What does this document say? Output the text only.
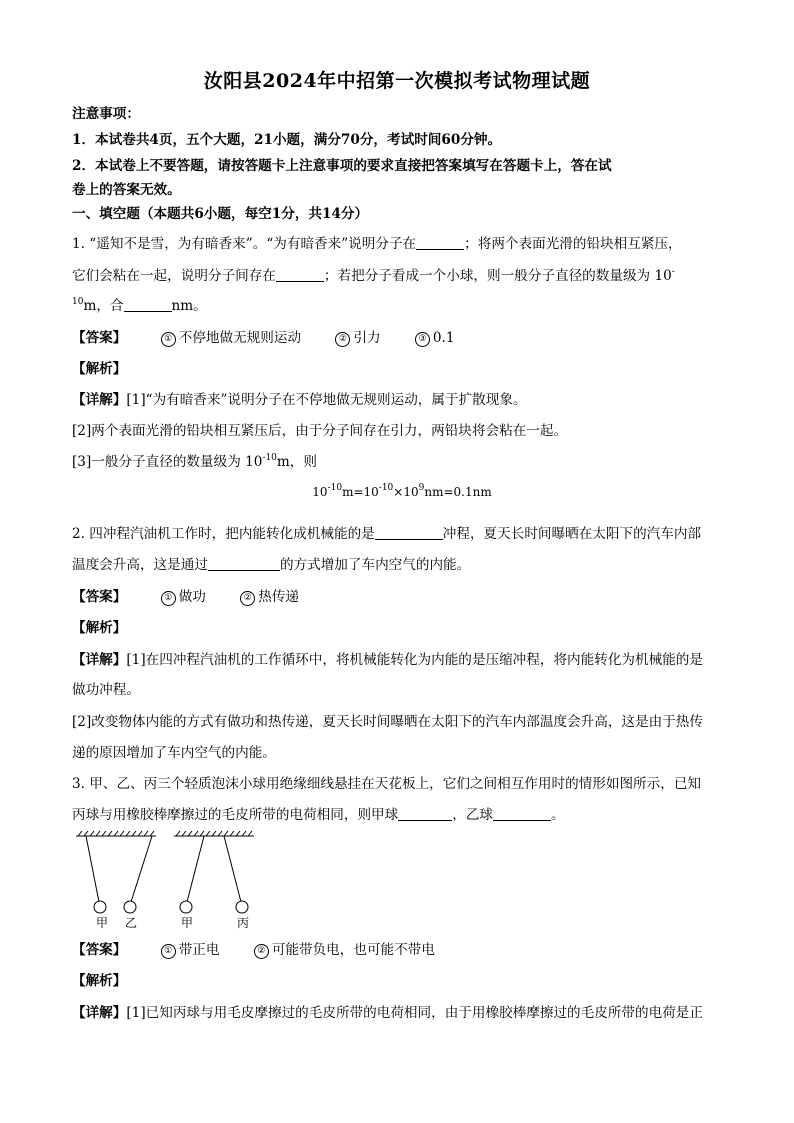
汝阳县2024年中招第一次模拟考试物理试题
注意事项：
1．本试卷共4页，五个大题，21小题，满分70分，考试时间60分钟。
2．本试卷上不要答题，请按答题卡上注意事项的要求直接把答案填写在答题卡上，答在试
卷上的答案无效。
一、填空题（本题共6小题，每空1分，共14分）
1. “遥知不是雪，为有暗香来”。“为有暗香来”说明分子在	；将两个表面光滑的铅块相互紧压，
它们会粘在一起，说明分子间存在	；若把分子看成一个小球，则一般分子直径的数量级为 10-
$^{10}$m，合	nm。
【答案】	① 不停地做无规则运动	② 引力	③ 0.1
【解析】
【详解】[1]“为有暗香来”说明分子在不停地做无规则运动，属于扩散现象。
[2]两个表面光滑的铅块相互紧压后，由于分子间存在引力，两铅块将会粘在一起。
[3]一般分子直径的数量级为 $10^{-10}m$，则
$10^{-10}m=10^{-10}\times 10^9nm=0.1nm$
2. 四冲程汽油机工作时，把内能转化成机械能的是	冲程，夏天长时间曝晒在太阳下的汽车内部
温度会升高，这是通过	的方式增加了车内空气的内能。
【答案】	① 做功	② 热传递
【解析】
【详解】[1]在四冲程汽油机的工作循环中，将机械能转化为内能的是压缩冲程，将内能转化为机械能的是
做功冲程。
[2]改变物体内能的方式有做功和热传递，夏天长时间曝晒在太阳下的汽车内部温度会升高，这是由于热传
递的原因增加了车内空气的内能。
3. 甲、乙、丙三个轻质泡沫小球用绝缘细线悬挂在天花板上，它们之间相互作用时的情形如图所示，已知
丙球与用橡胶棒摩擦过的毛皮所带的电荷相同，则甲球	，乙球	。
甲 乙	甲	丙
【答案】	① 带正电	② 可能带负电，也可能不带电
【解析】
【详解】[1]已知丙球与用毛皮摩擦过的毛皮所带的电荷相同，由于用橡胶棒摩擦过的毛皮所带的电荷是正
